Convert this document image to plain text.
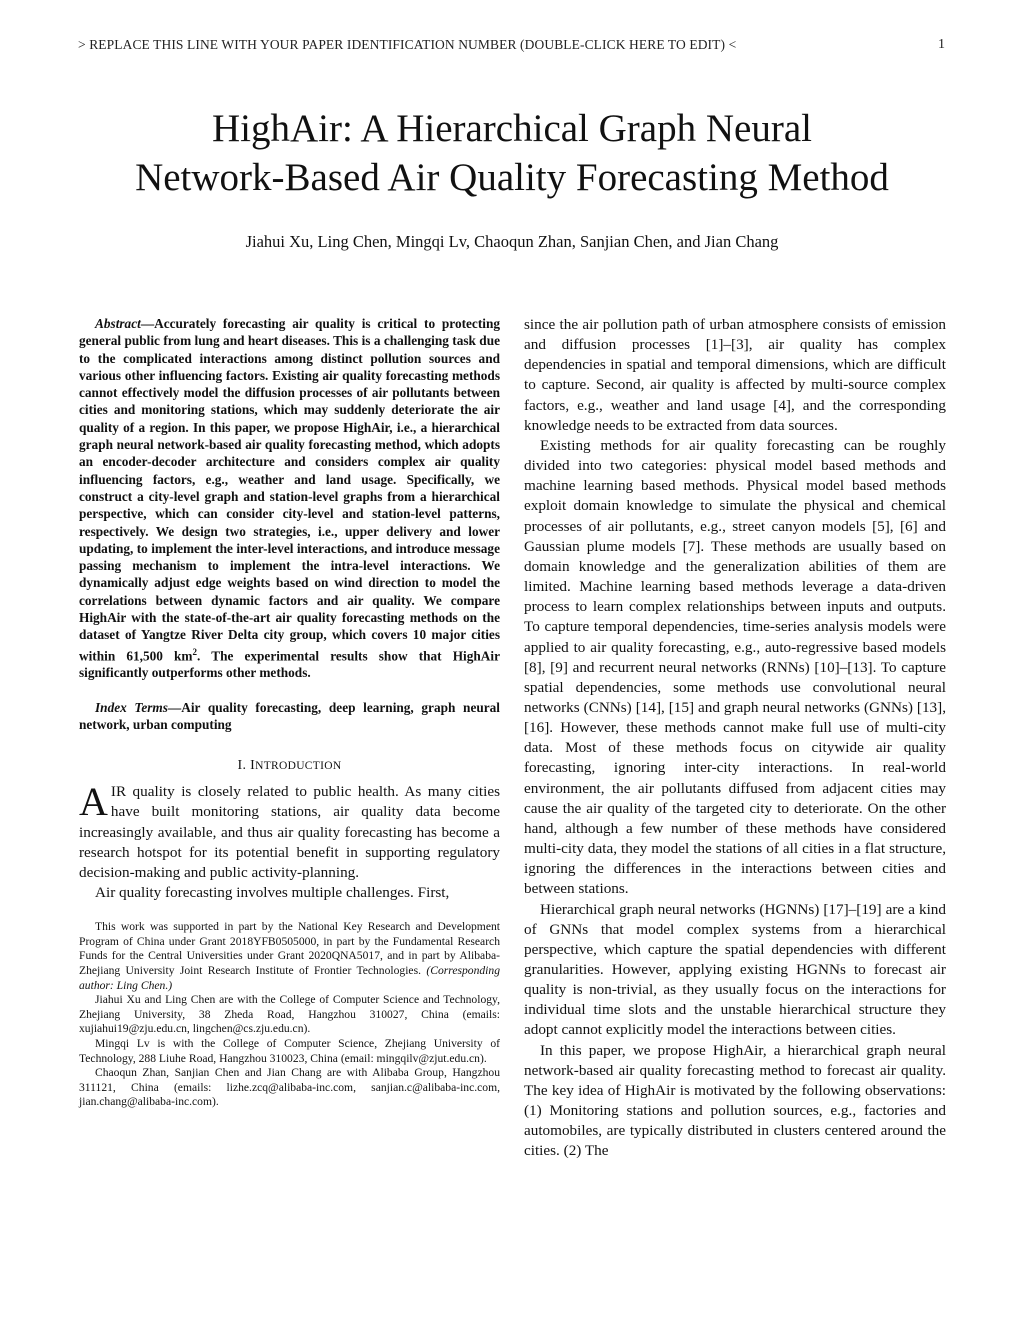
> REPLACE THIS LINE WITH YOUR PAPER IDENTIFICATION NUMBER (DOUBLE-CLICK HERE TO EDIT) <	1
HighAir: A Hierarchical Graph Neural
Network-Based Air Quality Forecasting Method
Jiahui Xu, Ling Chen, Mingqi Lv, Chaoqun Zhan, Sanjian Chen, and Jian Chang

Abstract—Accurately forecasting air quality is critical to protecting general public from lung and heart diseases. This is a challenging task due to the complicated interactions among distinct pollution sources and various other influencing factors. Existing air quality forecasting methods cannot effectively model the diffusion processes of air pollutants between cities and monitoring stations, which may suddenly deteriorate the air quality of a region. In this paper, we propose HighAir, i.e., a hierarchical graph neural network-based air quality forecasting method, which adopts an encoder-decoder architecture and considers complex air quality influencing factors, e.g., weather and land usage. Specifically, we construct a city-level graph and station-level graphs from a hierarchical perspective, which can consider city-level and station-level patterns, respectively. We design two strategies, i.e., upper delivery and lower updating, to implement the inter-level interactions, and introduce message passing mechanism to implement the intra-level interactions. We dynamically adjust edge weights based on wind direction to model the correlations between dynamic factors and air quality. We compare HighAir with the state-of-the-art air quality forecasting methods on the dataset of Yangtze River Delta city group, which covers 10 major cities within 61,500 $km^2$. The experimental results show that HighAir significantly outperforms other methods.

Index Terms—Air quality forecasting, deep learning, graph neural network, urban computing

I. INTRODUCTION

AIR quality is closely related to public health. As many cities have built monitoring stations, air quality data become increasingly available, and thus air quality forecasting has become a research hotspot for its potential benefit in supporting regulatory decision-making and public activity-planning.

Air quality forecasting involves multiple challenges. First,

This work was supported in part by the National Key Research and Development Program of China under Grant 2018YFB0505000, in part by the Fundamental Research Funds for the Central Universities under Grant 2020QNA5017, and in part by Alibaba-Zhejiang University Joint Research Institute of Frontier Technologies. (Corresponding author: Ling Chen.)

Jiahui Xu and Ling Chen are with the College of Computer Science and Technology, Zhejiang University, 38 Zheda Road, Hangzhou 310027, China (emails: xujiahui19@zju.edu.cn, lingchen@cs.zju.edu.cn).

Mingqi Lv is with the College of Computer Science, Zhejiang University of Technology, 288 Liuhe Road, Hangzhou 310023, China (email: mingqilv@zjut.edu.cn).

Chaoqun Zhan, Sanjian Chen and Jian Chang are with Alibaba Group, Hangzhou 311121, China (emails: lizhe.zcq@alibaba-inc.com, sanjian.c@alibaba-inc.com, jian.chang@alibaba-inc.com).

since the air pollution path of urban atmosphere consists of emission and diffusion processes [1]–[3], air quality has complex dependencies in spatial and temporal dimensions, which are difficult to capture. Second, air quality is affected by multi-source complex factors, e.g., weather and land usage [4], and the corresponding knowledge needs to be extracted from data sources.

Existing methods for air quality forecasting can be roughly divided into two categories: physical model based methods and machine learning based methods. Physical model based methods exploit domain knowledge to simulate the physical and chemical processes of air pollutants, e.g., street canyon models [5], [6] and Gaussian plume models [7]. These methods are usually based on domain knowledge and the generalization abilities of them are limited. Machine learning based methods leverage a data-driven process to learn complex relationships between inputs and outputs. To capture temporal dependencies, time-series analysis models were applied to air quality forecasting, e.g., auto-regressive based models [8], [9] and recurrent neural networks (RNNs) [10]–[13]. To capture spatial dependencies, some methods use convolutional neural networks (CNNs) [14], [15] and graph neural networks (GNNs) [13], [16]. However, these methods cannot make full use of multi-city data. Most of these methods focus on citywide air quality forecasting, ignoring inter-city interactions. In real-world environment, the air pollutants diffused from adjacent cities may cause the air quality of the targeted city to deteriorate. On the other hand, although a few number of these methods have considered multi-city data, they model the stations of all cities in a flat structure, ignoring the differences in the interactions between cities and between stations.

Hierarchical graph neural networks (HGNNs) [17]–[19] are a kind of GNNs that model complex systems from a hierarchical perspective, which capture the spatial dependencies with different granularities. However, applying existing HGNNs to forecast air quality is non-trivial, as they usually focus on the interactions for individual time slots and the unstable hierarchical structure they adopt cannot explicitly model the interactions between cities.

In this paper, we propose HighAir, a hierarchical graph neural network-based air quality forecasting method to forecast air quality. The key idea of HighAir is motivated by the following observations: (1) Monitoring stations and pollution sources, e.g., factories and automobiles, are typically distributed in clusters centered around the cities. (2) The
